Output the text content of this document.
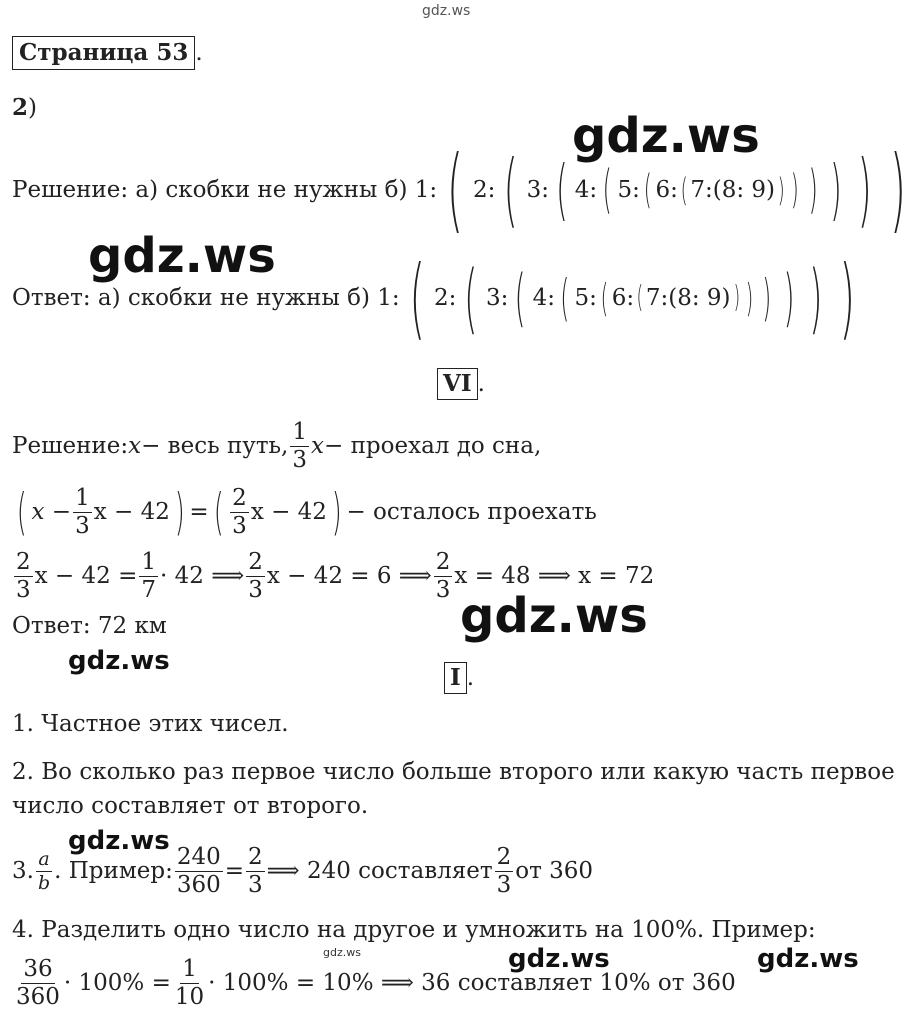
gdz.ws
gdz.ws
gdz.ws
gdz.ws
gdz.ws
gdz.ws
gdz.ws	gdz.ws
gdz.ws
Страница 53 .
2)
Решение: а) скобки не нужны б) 1: ( 2: ( 3: ( 4: ( 5: ( 6: ( 7: (8: 9) ) ) ) ) ) )
Ответ: а) скобки не нужны б) 1: ( 2: ( 3: ( 4: ( 5: ( 6: ( 7: (8: 9) ) ) ) ) ) )
VI .
Решение: x − весь путь, $\frac{1}{3}$ x − проехал до сна,
( $x - \frac{1}{3}$ x − 42 ) = ( $\frac{2}{3}$ x − 42 ) − осталось проехать
$\frac{2}{3}$ $x - 42 = \frac{1}{7} \cdot 42$ ⟹ $\frac{2}{3}$ x − 42 = 6 ⟹ $\frac{2}{3}$ x = 48 ⟹ x = 72
Ответ: 72 км
I .
1. Частное этих чисел.
2. Во сколько раз первое число больше второго или какую часть первое
число составляет от второго.
3. $\frac{a}{b}$ . Пример: $\frac{240}{360} = \frac{2}{3}$ ⟹ 240 составляет $\frac{2}{3}$ от 360
4. Разделить одно число на другое и умножить на 100%. Пример:
$\frac{36}{360} \cdot 100\% = \frac{1}{10} \cdot 100\% = 10\%$ ⟹ 36 составляет 10% от 360
